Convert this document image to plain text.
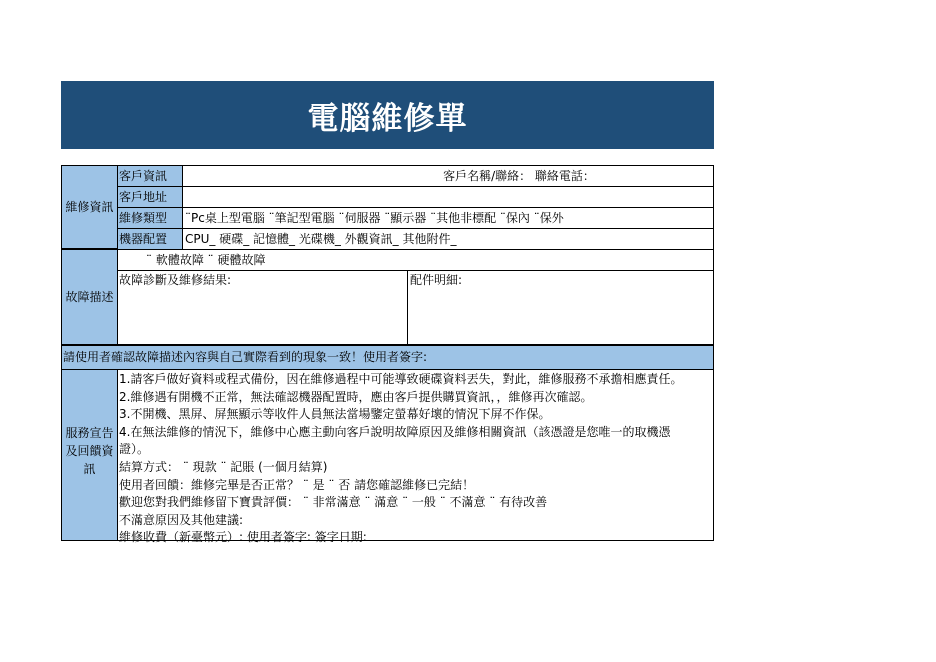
電腦維修單
維修資訊
客戶資訊	客戶名稱/聯絡： 聯絡電話：
客戶地址
維修類型	¨Pc桌上型電腦 ¨筆記型電腦 ¨伺服器 ¨顯示器 ¨其他非標配 ¨保內 ¨保外
機器配置	CPU_ 硬碟_ 記憶體_ 光碟機_ 外觀資訊_ 其他附件_
故障描述
¨ 軟體故障 ¨ 硬體故障
故障診斷及維修結果:	配件明細:
請使用者確認故障描述內容與自己實際看到的現象一致！使用者簽字:
服務宣告及回饋資訊
1.請客戶做好資料或程式備份，因在維修過程中可能導致硬碟資料丟失，對此，維修服務不承擔相應責任。
2.維修遇有開機不正常，無法確認機器配置時，應由客戶提供購買資訊，，維修再次確認。
3.不開機、黑屏、屏無顯示等收件人員無法當場鑒定螢幕好壞的情況下屏不作保。
4.在無法維修的情況下，維修中心應主動向客戶說明故障原因及維修相關資訊（該憑證是您唯一的取機憑
證）。
結算方式： ¨ 現款 ¨ 記賬 (一個月結算)
使用者回饋：維修完畢是否正常？ ¨ 是 ¨ 否 請您確認維修已完結！
歡迎您對我們維修留下寶貴評價： ¨ 非常滿意 ¨ 滿意 ¨ 一般 ¨ 不滿意 ¨ 有待改善
不滿意原因及其他建議:
維修收費（新臺幣元）: 使用者簽字: 簽字日期:
